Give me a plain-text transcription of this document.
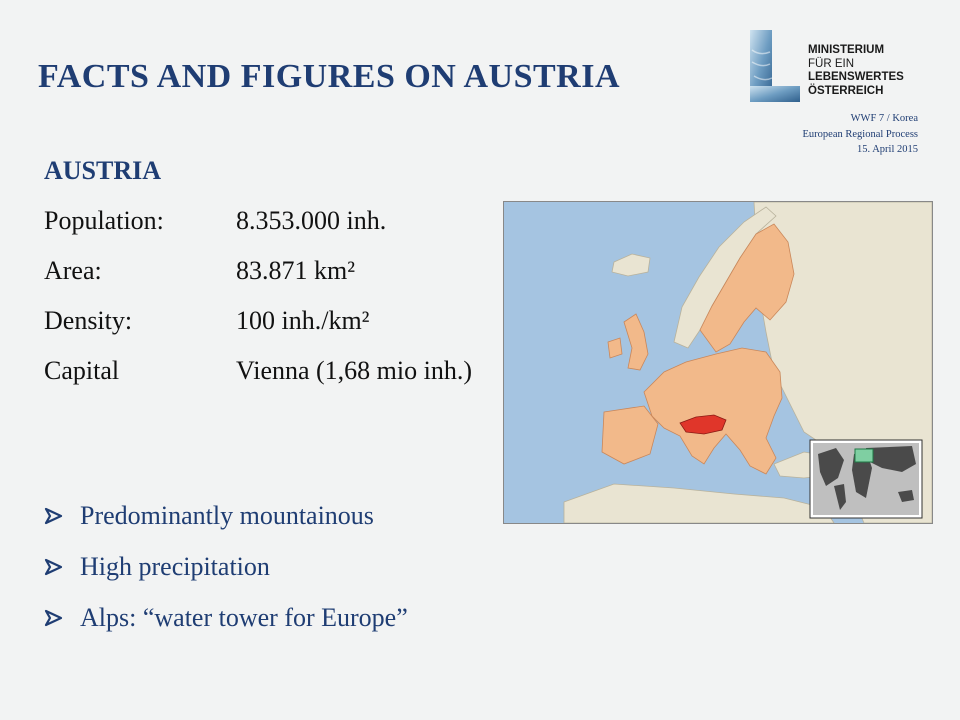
FACTS AND FIGURES ON AUSTRIA
MINISTERIUM
FÜR EIN
LEBENSWERTES
ÖSTERREICH
WWF 7 / Korea
European Regional Process
15. April 2015
AUSTRIA
Population:	8.353.000 inh.
Area:	83.871 km²
Density:	100 inh./km²
Capital	Vienna (1,68 mio inh.)
Predominantly mountainous
High precipitation
Alps: “water tower for Europe”
